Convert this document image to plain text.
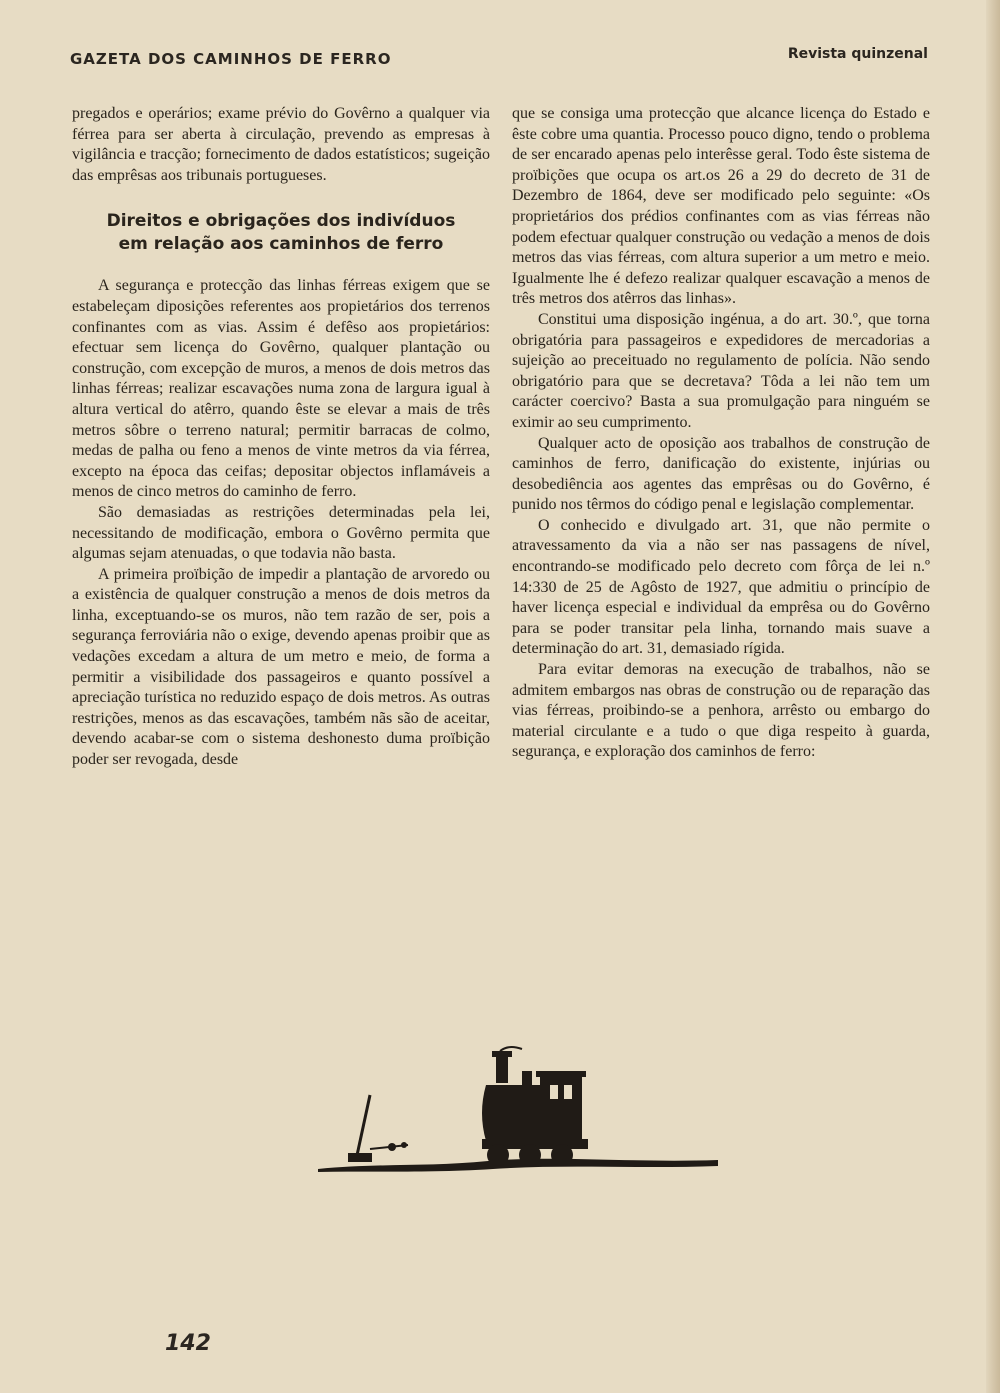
GAZETA DOS CAMINHOS DE FERRO	Revista quinzenal

pregados e operários; exame prévio do Govêrno a qualquer via férrea para ser aberta à circulação, prevendo as empresas à vigilância e tracção; fornecimento de dados estatísticos; sugeição das emprêsas aos tribunais portugueses.

Direitos e obrigações dos indivíduos
em relação aos caminhos de ferro

A segurança e protecção das linhas férreas exigem que se estabeleçam diposições referentes aos propietários dos terrenos confinantes com as vias. Assim é defêso aos propietários: efectuar sem licença do Govêrno, qualquer plantação ou construção, com excepção de muros, a menos de dois metros das linhas férreas; realizar escavações numa zona de largura igual à altura vertical do atêrro, quando êste se elevar a mais de três metros sôbre o terreno natural; permitir barracas de colmo, medas de palha ou feno a menos de vinte metros da via férrea, excepto na época das ceifas; depositar objectos inflamáveis a menos de cinco metros do caminho de ferro.

São demasiadas as restrições determinadas pela lei, necessitando de modificação, embora o Govêrno permita que algumas sejam atenuadas, o que todavia não basta.

A primeira proïbição de impedir a plantação de arvoredo ou a existência de qualquer construção a menos de dois metros da linha, exceptuando-se os muros, não tem razão de ser, pois a segurança ferroviária não o exige, devendo apenas proibir que as vedações excedam a altura de um metro e meio, de forma a permitir a visibilidade dos passageiros e quanto possível a apreciação turística no reduzido espaço de dois metros. As outras restrições, menos as das escavações, também nãs são de aceitar, devendo acabar-se com o sistema deshonesto duma proïbição poder ser revogada, desde

que se consiga uma protecção que alcance licença do Estado e êste cobre uma quantia. Processo pouco digno, tendo o problema de ser encarado apenas pelo interêsse geral. Todo êste sistema de proïbições que ocupa os art.os 26 a 29 do decreto de 31 de Dezembro de 1864, deve ser modificado pelo seguinte: «Os proprietários dos prédios confinantes com as vias férreas não podem efectuar qualquer construção ou vedação a menos de dois metros das vias férreas, com altura superior a um metro e meio. Igualmente lhe é defezo realizar qualquer escavação a menos de três metros dos atêrros das linhas».

Constitui uma disposição ingénua, a do art. 30.º, que torna obrigatória para passageiros e expedidores de mercadorias a sujeição ao preceituado no regulamento de polícia. Não sendo obrigatório para que se decretava? Tôda a lei não tem um carácter coercivo? Basta a sua promulgação para ninguém se eximir ao seu cumprimento.

Qualquer acto de oposição aos trabalhos de construção de caminhos de ferro, danificação do existente, injúrias ou desobediência aos agentes das emprêsas ou do Govêrno, é punido nos têrmos do código penal e legislação complementar.

O conhecido e divulgado art. 31, que não permite o atravessamento da via a não ser nas passagens de nível, encontrando-se modificado pelo decreto com fôrça de lei n.º 14:330 de 25 de Agôsto de 1927, que admitiu o princípio de haver licença especial e individual da emprêsa ou do Govêrno para se poder transitar pela linha, tornando mais suave a determinação do art. 31, demasiado rígida.

Para evitar demoras na execução de trabalhos, não se admitem embargos nas obras de construção ou de reparação das vias férreas, proibindo-se a penhora, arrêsto ou embargo do material circulante e a tudo o que diga respeito à guarda, segurança, e exploração dos caminhos de ferro:

142
